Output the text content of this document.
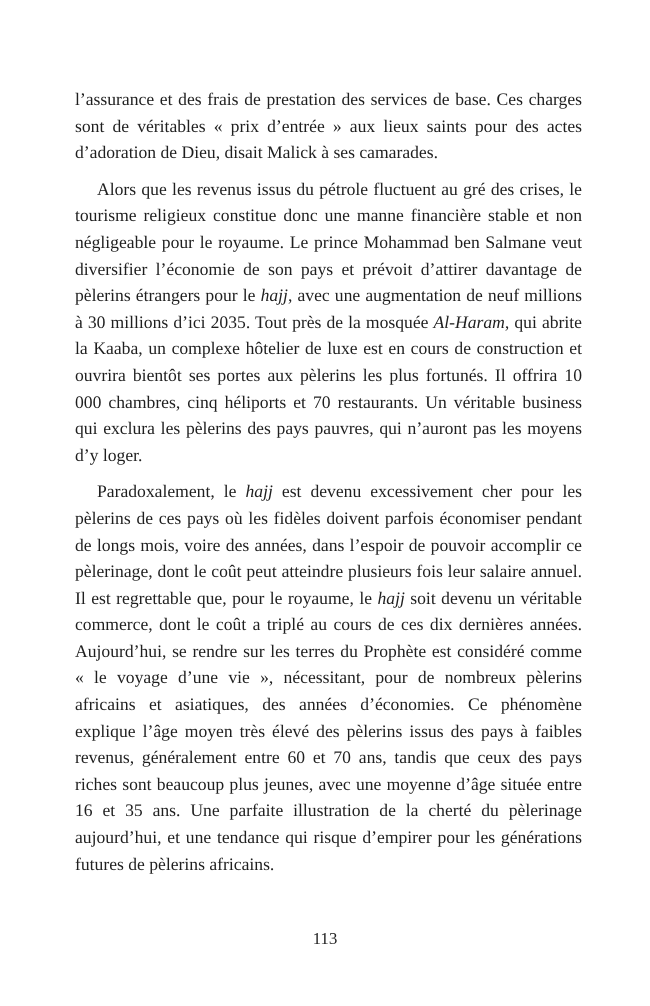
l’assurance et des frais de prestation des services de base. Ces charges sont de véritables « prix d’entrée » aux lieux saints pour des actes d’adoration de Dieu, disait Malick à ses camarades.

Alors que les revenus issus du pétrole fluctuent au gré des crises, le tourisme religieux constitue donc une manne financière stable et non négligeable pour le royaume. Le prince Mohammad ben Salmane veut diversifier l’économie de son pays et prévoit d’attirer davantage de pèlerins étrangers pour le hajj, avec une augmentation de neuf millions à 30 millions d’ici 2035. Tout près de la mosquée Al-Haram, qui abrite la Kaaba, un complexe hôtelier de luxe est en cours de construction et ouvrira bientôt ses portes aux pèlerins les plus fortunés. Il offrira 10 000 chambres, cinq héliports et 70 restaurants. Un véritable business qui exclura les pèlerins des pays pauvres, qui n’auront pas les moyens d’y loger.

Paradoxalement, le hajj est devenu excessivement cher pour les pèlerins de ces pays où les fidèles doivent parfois économiser pendant de longs mois, voire des années, dans l’espoir de pouvoir accomplir ce pèlerinage, dont le coût peut atteindre plusieurs fois leur salaire annuel. Il est regrettable que, pour le royaume, le hajj soit devenu un véritable commerce, dont le coût a triplé au cours de ces dix dernières années. Aujourd’hui, se rendre sur les terres du Prophète est considéré comme « le voyage d’une vie », nécessitant, pour de nombreux pèlerins africains et asiatiques, des années d’économies. Ce phénomène explique l’âge moyen très élevé des pèlerins issus des pays à faibles revenus, généralement entre 60 et 70 ans, tandis que ceux des pays riches sont beaucoup plus jeunes, avec une moyenne d’âge située entre 16 et 35 ans. Une parfaite illustration de la cherté du pèlerinage aujourd’hui, et une tendance qui risque d’empirer pour les générations futures de pèlerins africains.

113
